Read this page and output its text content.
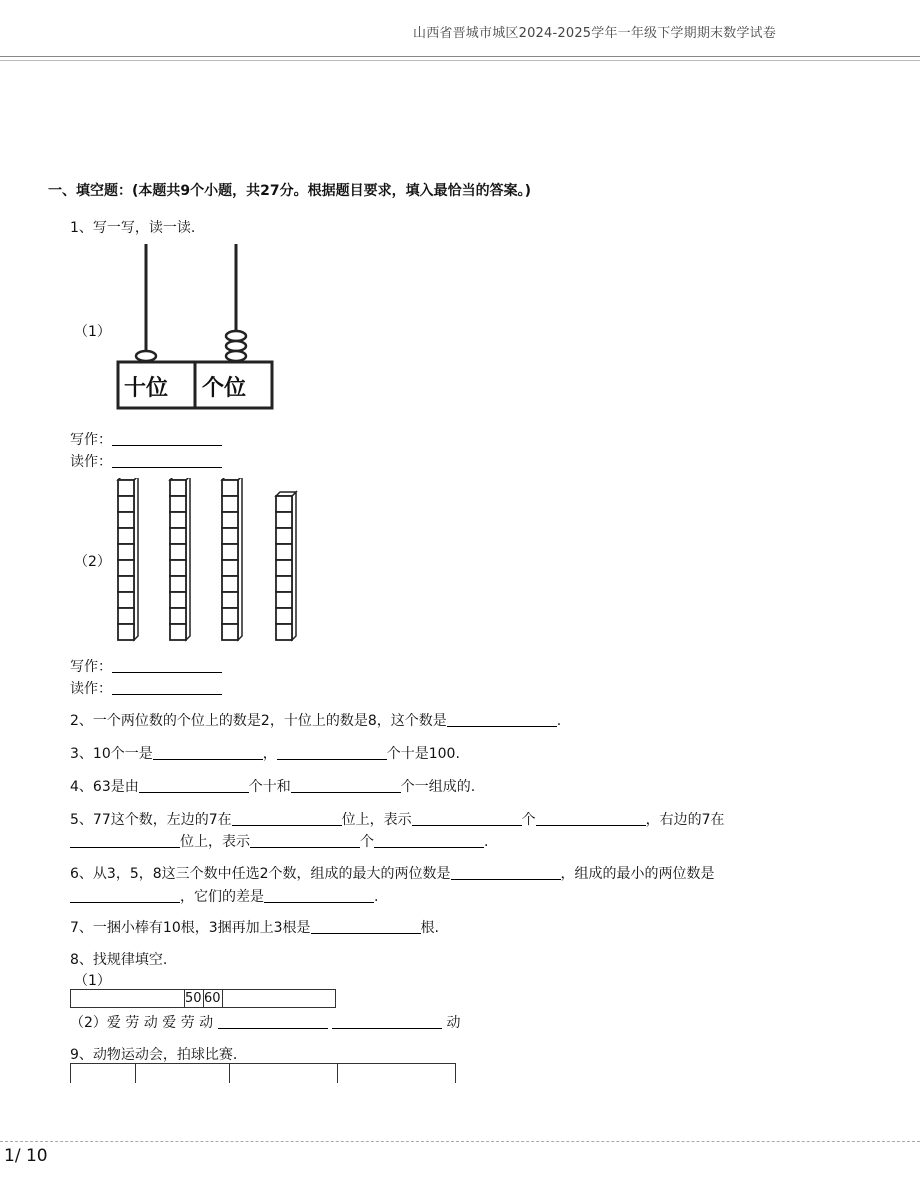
山西省晋城市城区2024-2025学年一年级下学期期末数学试卷
一、填空题：(本题共9个小题，共27分。根据题目要求，填入最恰当的答案。)
1、写一写，读一读.
（1）
十位 个位
写作：
读作：
（2）
写作：
读作：
2、一个两位数的个位上的数是2，十位上的数是8，这个数是	.
3、10个一是	，	个十是100.
4、63是由	个十和	个一组成的.
5、77这个数，左边的7在	位上，表示	个	，右边的7在
位上，表示	个	.
6、从3，5，8这三个数中任选2个数，组成的最大的两位数是	，组成的最小的两位数是
，它们的差是	.
7、一捆小棒有10根，3捆再加上3根是	根.
8、找规律填空.
（1）
	50	60	
（2）爱 劳 动 爱 劳 动	动
9、动物运动会，拍球比赛.

1/ 10
